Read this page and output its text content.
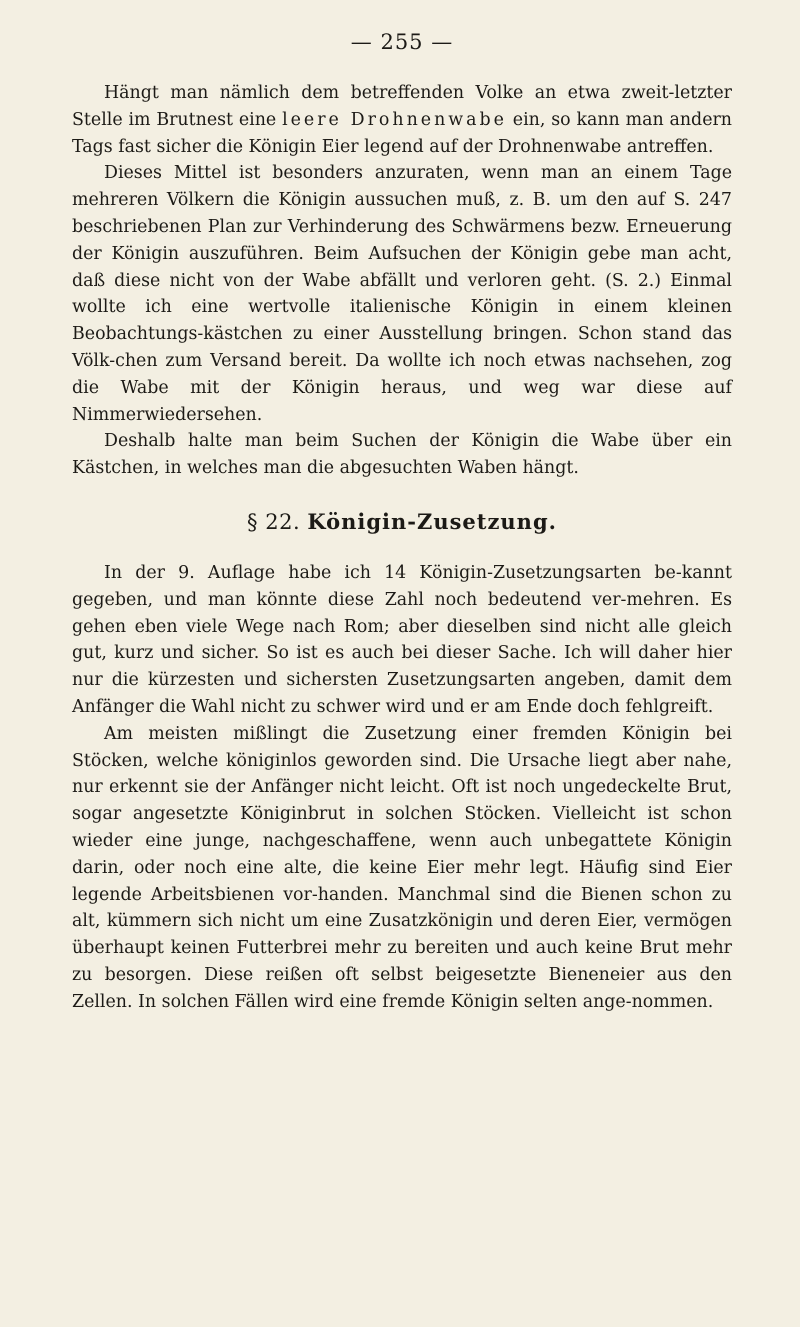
— 255 —

Hängt man nämlich dem betreffenden Volke an etwa zweit-letzter Stelle im Brutnest eine leere Drohnenwabe ein, so kann man andern Tags fast sicher die Königin Eier legend auf der Drohnenwabe antreffen.

Dieses Mittel ist besonders anzuraten, wenn man an einem Tage mehreren Völkern die Königin aussuchen muß, z. B. um den auf S. 247 beschriebenen Plan zur Verhinderung des Schwärmens bezw. Erneuerung der Königin auszuführen. Beim Aufsuchen der Königin gebe man acht, daß diese nicht von der Wabe abfällt und verloren geht. (S. 2.) Einmal wollte ich eine wertvolle italienische Königin in einem kleinen Beobachtungs-kästchen zu einer Ausstellung bringen. Schon stand das Völk-chen zum Versand bereit. Da wollte ich noch etwas nachsehen, zog die Wabe mit der Königin heraus, und weg war diese auf Nimmerwiedersehen.

Deshalb halte man beim Suchen der Königin die Wabe über ein Kästchen, in welches man die abgesuchten Waben hängt.

§ 22. Königin-Zusetzung.

In der 9. Auflage habe ich 14 Königin-Zusetzungsarten be-kannt gegeben, und man könnte diese Zahl noch bedeutend ver-mehren. Es gehen eben viele Wege nach Rom; aber dieselben sind nicht alle gleich gut, kurz und sicher. So ist es auch bei dieser Sache. Ich will daher hier nur die kürzesten und sichersten Zusetzungsarten angeben, damit dem Anfänger die Wahl nicht zu schwer wird und er am Ende doch fehlgreift.

Am meisten mißlingt die Zusetzung einer fremden Königin bei Stöcken, welche königinlos geworden sind. Die Ursache liegt aber nahe, nur erkennt sie der Anfänger nicht leicht. Oft ist noch ungedeckelte Brut, sogar angesetzte Königinbrut in solchen Stöcken. Vielleicht ist schon wieder eine junge, nachgeschaffene, wenn auch unbegattete Königin darin, oder noch eine alte, die keine Eier mehr legt. Häufig sind Eier legende Arbeitsbienen vor-handen. Manchmal sind die Bienen schon zu alt, kümmern sich nicht um eine Zusatzkönigin und deren Eier, vermögen überhaupt keinen Futterbrei mehr zu bereiten und auch keine Brut mehr zu besorgen. Diese reißen oft selbst beigesetzte Bieneneier aus den Zellen. In solchen Fällen wird eine fremde Königin selten ange-nommen.
